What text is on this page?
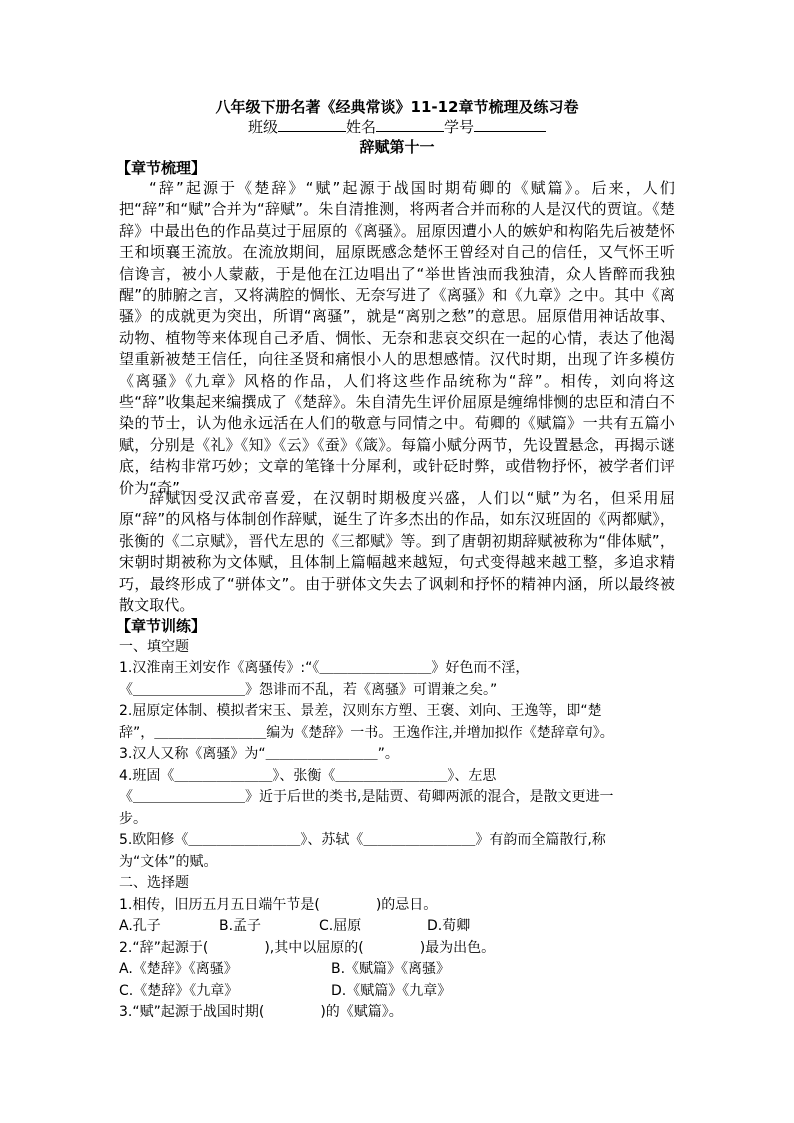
八年级下册名著《经典常谈》11-12章节梳理及练习卷
班级	姓名	学号
辞赋第十一
【章节梳理】

“辞”起源于《楚辞》“赋”起源于战国时期荀卿的《赋篇》。后来，人们把“辞”和“赋”合并为“辞赋”。朱自清推测，将两者合并而称的人是汉代的贾谊。《楚辞》中最出色的作品莫过于屈原的《离骚》。屈原因遭小人的嫉妒和构陷先后被楚怀王和顷襄王流放。在流放期间，屈原既感念楚怀王曾经对自己的信任，又气怀王听信谗言，被小人蒙蔽，于是他在江边唱出了“举世皆浊而我独清，众人皆醉而我独醒”的肺腑之言，又将满腔的惆怅、无奈写进了《离骚》和《九章》之中。其中《离骚》的成就更为突出，所谓“离骚”，就是“离别之愁”的意思。屈原借用神话故事、动物、植物等来体现自己矛盾、惆怅、无奈和悲哀交织在一起的心情，表达了他渴望重新被楚王信任，向往圣贤和痛恨小人的思想感情。汉代时期，出现了许多模仿《离骚》《九章》风格的作品，人们将这些作品统称为“辞”。相传，刘向将这些“辞”收集起来编撰成了《楚辞》。朱自清先生评价屈原是缠绵悱恻的忠臣和清白不染的节士，认为他永远活在人们的敬意与同情之中。荀卿的《赋篇》一共有五篇小赋，分别是《礼》《知》《云》《蚕》《箴》。每篇小赋分两节，先设置悬念，再揭示谜底，结构非常巧妙；文章的笔锋十分犀利，或针砭时弊，或借物抒怀，被学者们评价为“奇”。

辞赋因受汉武帝喜爱，在汉朝时期极度兴盛，人们以“赋”为名，但采用屈原“辞”的风格与体制创作辞赋，诞生了许多杰出的作品，如东汉班固的《两都赋》，张衡的《二京赋》，晋代左思的《三都赋》等。到了唐朝初期辞赋被称为“俳体赋”，宋朝时期被称为文体赋，且体制上篇幅越来越短，句式变得越来越工整，多追求精巧，最终形成了“骈体文”。由于骈体文失去了讽刺和抒怀的精神内涵，所以最终被散文取代。

【章节训练】
一、填空题
1.汉淮南王刘安作《离骚传》:“《＿＿＿＿＿＿＿＿》好色而不淫，
《＿＿＿＿＿＿＿＿》怨诽而不乱，若《离骚》可谓兼之矣。”
2.屈原定体制、模拟者宋玉、景差，汉则东方塑、王褒、刘向、王逸等，即“楚
辞”，＿＿＿＿＿＿＿＿编为《楚辞》一书。王逸作注,并增加拟作《楚辞章句》。
3.汉人又称《离骚》为“＿＿＿＿＿＿＿＿”。
4.班固《＿＿＿＿＿＿＿》、张衡《＿＿＿＿＿＿＿＿》、左思
《＿＿＿＿＿＿＿＿》近于后世的类书,是陆贾、荀卿两派的混合，是散文更进一
步。
5.欧阳修《＿＿＿＿＿＿＿＿》、苏轼《＿＿＿＿＿＿＿＿》有韵而全篇散行,称
为“文体”的赋。
二、选择题
1.相传，旧历五月五日端午节是(　　　　)的忌日。
A.孔子	B.孟子	C.屈原	D.荀卿
2.“辞”起源于(　　　　),其中以屈原的(　　　　)最为出色。
A.《楚辞》《离骚》	B.《赋篇》《离骚》
C.《楚辞》《九章》	D.《赋篇》《九章》
3.“赋”起源于战国时期(　　　　)的《赋篇》。
